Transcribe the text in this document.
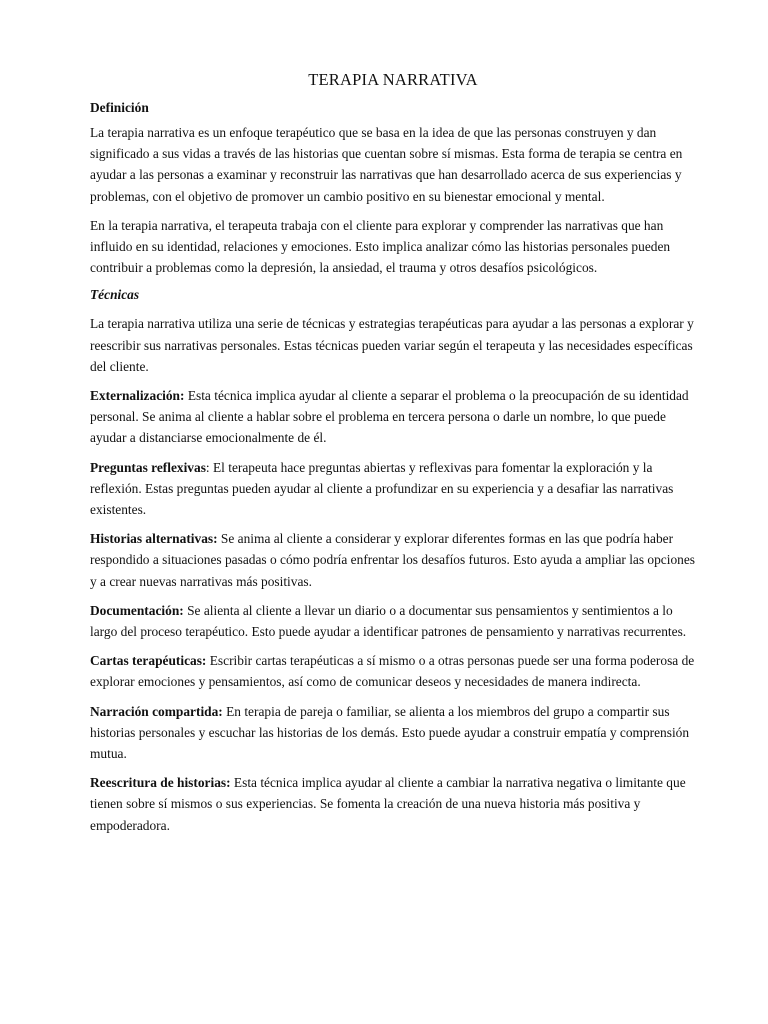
TERAPIA NARRATIVA
Definición

La terapia narrativa es un enfoque terapéutico que se basa en la idea de que las personas construyen y dan significado a sus vidas a través de las historias que cuentan sobre sí mismas. Esta forma de terapia se centra en ayudar a las personas a examinar y reconstruir las narrativas que han desarrollado acerca de sus experiencias y problemas, con el objetivo de promover un cambio positivo en su bienestar emocional y mental.

En la terapia narrativa, el terapeuta trabaja con el cliente para explorar y comprender las narrativas que han influido en su identidad, relaciones y emociones. Esto implica analizar cómo las historias personales pueden contribuir a problemas como la depresión, la ansiedad, el trauma y otros desafíos psicológicos.

Técnicas

La terapia narrativa utiliza una serie de técnicas y estrategias terapéuticas para ayudar a las personas a explorar y reescribir sus narrativas personales. Estas técnicas pueden variar según el terapeuta y las necesidades específicas del cliente.

Externalización: Esta técnica implica ayudar al cliente a separar el problema o la preocupación de su identidad personal. Se anima al cliente a hablar sobre el problema en tercera persona o darle un nombre, lo que puede ayudar a distanciarse emocionalmente de él.

Preguntas reflexivas: El terapeuta hace preguntas abiertas y reflexivas para fomentar la exploración y la reflexión. Estas preguntas pueden ayudar al cliente a profundizar en su experiencia y a desafiar las narrativas existentes.

Historias alternativas: Se anima al cliente a considerar y explorar diferentes formas en las que podría haber respondido a situaciones pasadas o cómo podría enfrentar los desafíos futuros. Esto ayuda a ampliar las opciones y a crear nuevas narrativas más positivas.

Documentación: Se alienta al cliente a llevar un diario o a documentar sus pensamientos y sentimientos a lo largo del proceso terapéutico. Esto puede ayudar a identificar patrones de pensamiento y narrativas recurrentes.

Cartas terapéuticas: Escribir cartas terapéuticas a sí mismo o a otras personas puede ser una forma poderosa de explorar emociones y pensamientos, así como de comunicar deseos y necesidades de manera indirecta.

Narración compartida: En terapia de pareja o familiar, se alienta a los miembros del grupo a compartir sus historias personales y escuchar las historias de los demás. Esto puede ayudar a construir empatía y comprensión mutua.

Reescritura de historias: Esta técnica implica ayudar al cliente a cambiar la narrativa negativa o limitante que tienen sobre sí mismos o sus experiencias. Se fomenta la creación de una nueva historia más positiva y empoderadora.
